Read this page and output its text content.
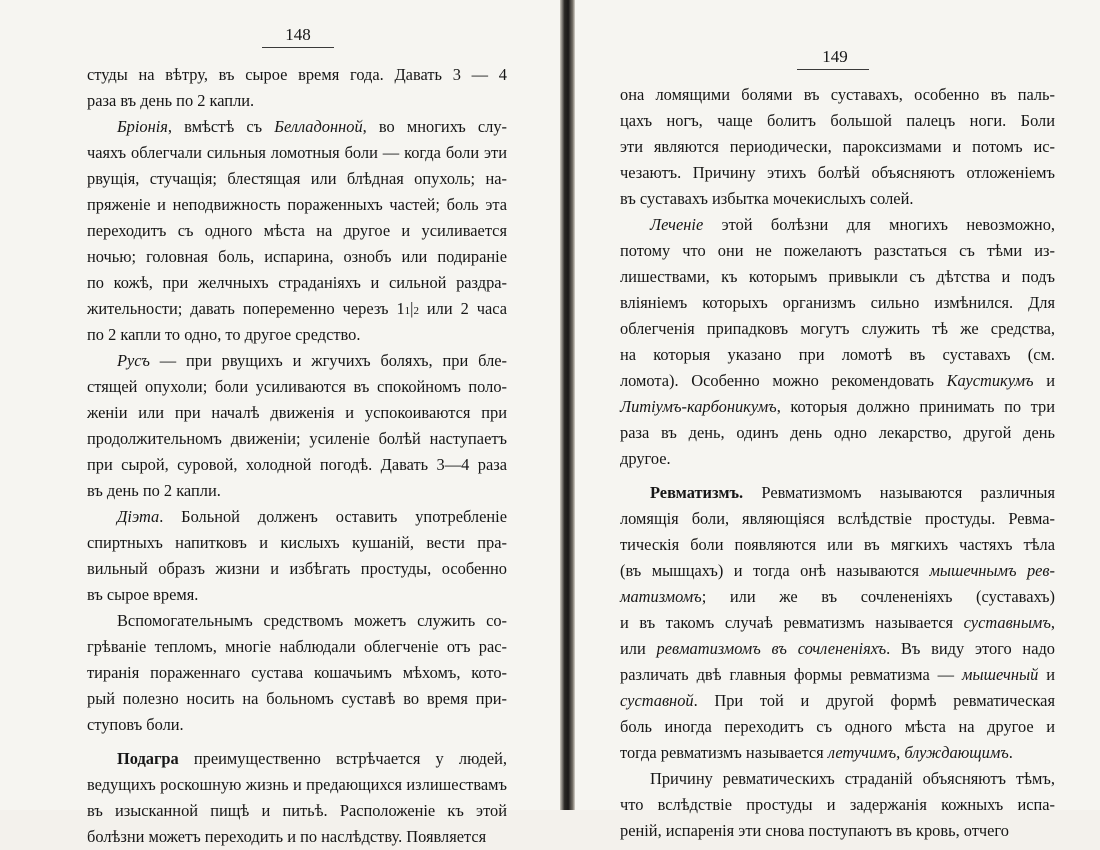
148
студы на вѣтру, въ сырое время года. Давать 3 — 4
раза въ день по 2 капли.
Брiонiя, вмѣстѣ съ Белладонной, во многихъ слу-
чаяхъ облегчали сильныя ломотныя боли — когда боли эти
рвущiя, стучащiя; блестящая или блѣдная опухоль; на-
пряженiе и неподвижность пораженныхъ частей; боль эта
переходитъ съ одного мѣста на другое и усиливается
ночью; головная боль, испарина, ознобъ или подиранiе
по кожѣ, при желчныхъ страданiяхъ и сильной раздра-
жительности; давать попеременно черезъ 11|2 или 2 часа
по 2 капли то одно, то другое средство.
Русъ — при рвущихъ и жгучихъ боляхъ, при бле-
стящей опухоли; боли усиливаются въ спокойномъ поло-
женiи или при началѣ движенiя и успокоиваются при
продолжительномъ движенiи; усиленiе болѣй наступаетъ
при сырой, суровой, холодной погодѣ. Давать 3—4 раза
въ день по 2 капли.
Дiэта. Больной долженъ оставить употребленiе
спиртныхъ напитковъ и кислыхъ кушанiй, вести пра-
вильный образъ жизни и избѣгать простуды, особенно
въ сырое время.
Вспомогательнымъ средствомъ можетъ служить со-
грѣванiе тепломъ, многiе наблюдали облегченiе отъ рас-
тиранiя пораженнаго сустава кошачьимъ мѣхомъ, кото-
рый полезно носить на больномъ суставѣ во время при-
ступовъ боли.
Подагра преимущественно встрѣчается у людей,
ведущихъ роскошную жизнь и предающихся излишествамъ
въ изысканной пищѣ и питьѣ. Расположенiе къ этой
болѣзни можетъ переходить и по наслѣдству. Появляется
149
она ломящими болями въ суставахъ, особенно въ паль-
цахъ ногъ, чаще болитъ большой палецъ ноги. Боли
эти являются периодически, пароксизмами и потомъ ис-
чезаютъ. Причину этихъ болѣй объясняютъ отложенiемъ
въ суставахъ избытка мочекислыхъ солей.
Леченiе этой болѣзни для многихъ невозможно,
потому что они не пожелаютъ разстаться съ тѣми из-
лишествами, къ которымъ привыкли съ дѣтства и подъ
влiянiемъ которыхъ организмъ сильно измѣнился. Для
облегченiя припадковъ могутъ служить тѣ же средства,
на которыя указано при ломотѣ въ суставахъ (см.
ломота). Особенно можно рекомендовать Каустикумъ и
Литiумъ-карбоникумъ, которыя должно принимать по три
раза въ день, одинъ день одно лекарство, другой день
другое.
Ревматизмъ. Ревматизмомъ называются различныя
ломящiя боли, являющiяся вслѣдствiе простуды. Ревма-
тическiя боли появляются или въ мягкихъ частяхъ тѣла
(въ мышцахъ) и тогда онѣ называются мышечнымъ рев-
матизмомъ; или же въ сочлененiяхъ (суставахъ)
и въ такомъ случаѣ ревматизмъ называется суставнымъ,
или ревматизмомъ въ сочлененiяхъ. Въ виду этого надо
различать двѣ главныя формы ревматизма — мышечный и
суставной. При той и другой формѣ ревматическая
боль иногда переходитъ съ одного мѣста на другое и
тогда ревматизмъ называется летучимъ, блуждающимъ.
Причину ревматическихъ страданiй объясняютъ тѣмъ,
что вслѣдствiе простуды и задержанiя кожныхъ испа-
ренiй, испаренiя эти снова поступаютъ въ кровь, отчего
